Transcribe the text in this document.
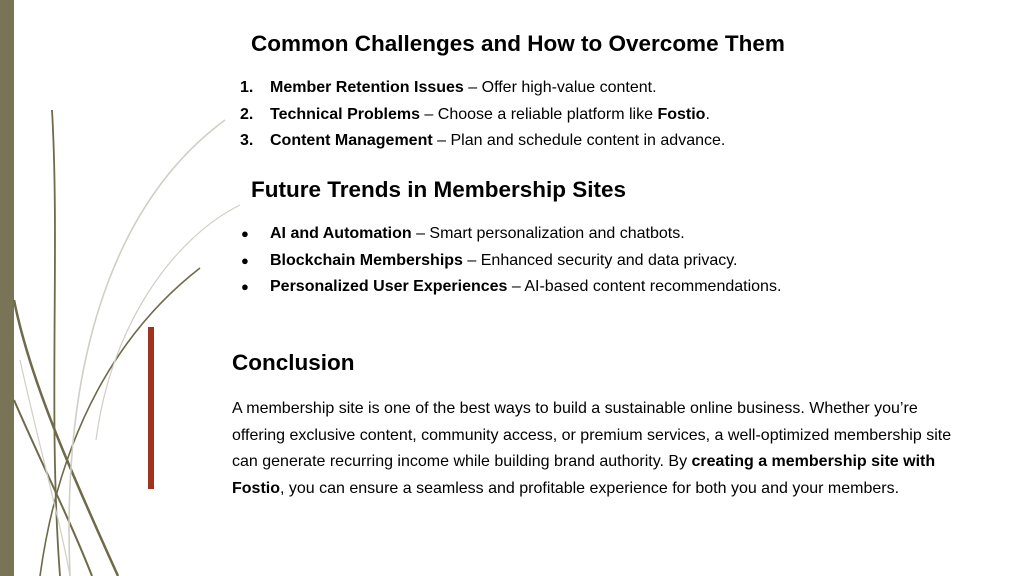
Common Challenges and How to Overcome Them
1.	Member Retention Issues – Offer high-value content.
2.	Technical Problems – Choose a reliable platform like Fostio.
3.	Content Management – Plan and schedule content in advance.
Future Trends in Membership Sites
●	AI and Automation – Smart personalization and chatbots.
●	Blockchain Memberships – Enhanced security and data privacy.
●	Personalized User Experiences – AI-based content recommendations.
Conclusion

A membership site is one of the best ways to build a sustainable online business. Whether you’re offering exclusive content, community access, or premium services, a well-optimized membership site can generate recurring income while building brand authority. By creating a membership site with Fostio, you can ensure a seamless and profitable experience for both you and your members.
